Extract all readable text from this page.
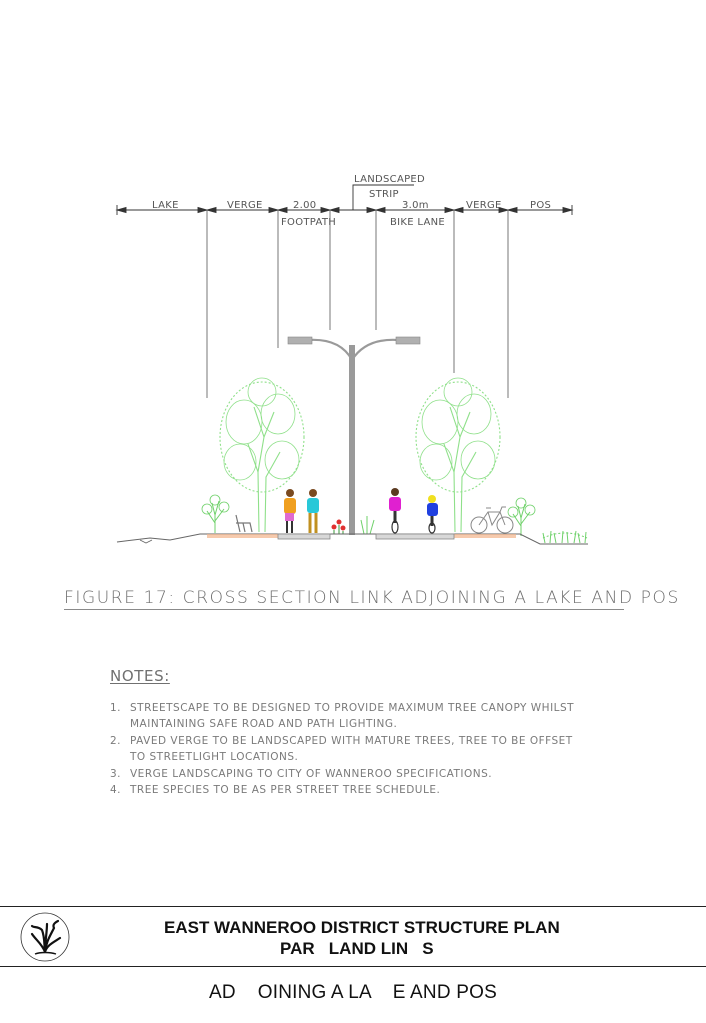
LAKE	VERGE	2.00
FOOTPATH
LANDSCAPED
STRIP
3.0m
BIKE LANE
VERGE	POS
FIGURE 17: CROSS SECTION LINK ADJOINING A LAKE AND POS
NOTES:
1. STREETSCAPE TO BE DESIGNED TO PROVIDE MAXIMUM TREE CANOPY WHILST MAINTAINING SAFE ROAD AND PATH LIGHTING.
2. PAVED VERGE TO BE LANDSCAPED WITH MATURE TREES, TREE TO BE OFFSET TO STREETLIGHT LOCATIONS.
3. VERGE LANDSCAPING TO CITY OF WANNEROO SPECIFICATIONS.
4. TREE SPECIES TO BE AS PER STREET TREE SCHEDULE.
EAST WANNEROO DISTRICT STRUCTURE PLAN
PAR   LAND LIN   S
AD    OINING A LA    E AND POS
